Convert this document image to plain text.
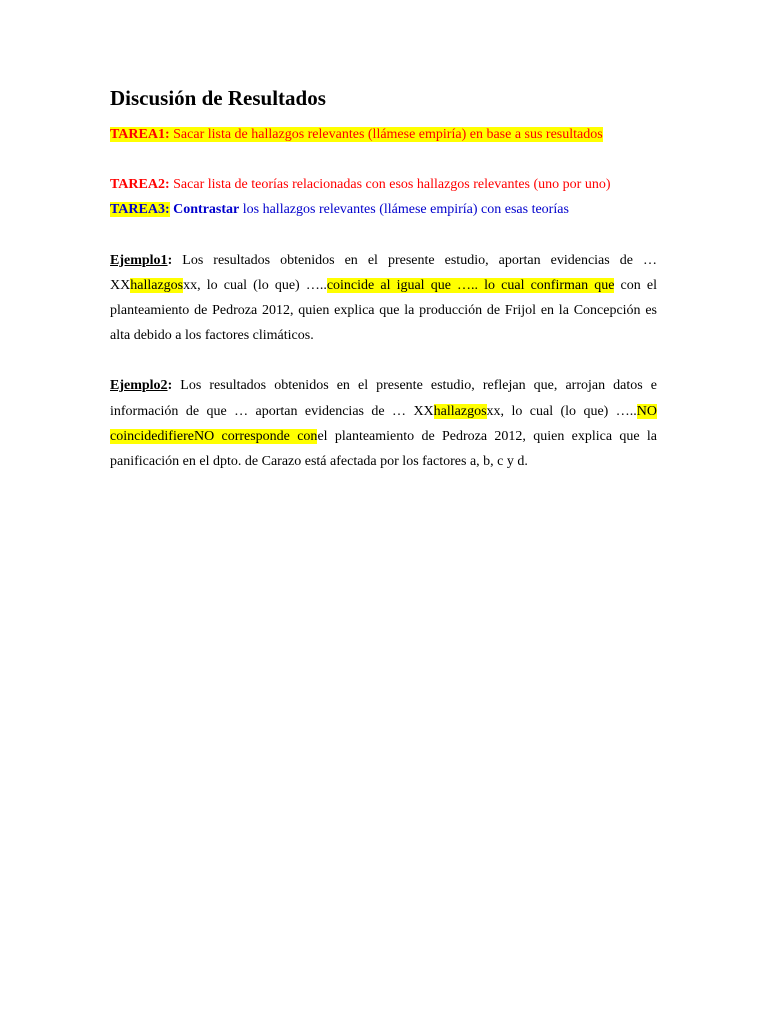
Discusión de Resultados

TAREA1: Sacar lista de hallazgos relevantes (llámese empiría) en base a sus resultados

TAREA2: Sacar lista de teorías relacionadas con esos hallazgos relevantes (uno por uno)

TAREA3: Contrastar los hallazgos relevantes (llámese empiría) con esas teorías

Ejemplo1: Los resultados obtenidos en el presente estudio, aportan evidencias de … XXhallazgosxx, lo cual (lo que) …..coincide al igual que ….. lo cual confirman que con el planteamiento de Pedroza 2012, quien explica que la producción de Frijol en la Concepción es alta debido a los factores climáticos.

Ejemplo2: Los resultados obtenidos en el presente estudio, reflejan que, arrojan datos e información de que … aportan evidencias de … XXhallazgosxx, lo cual (lo que) …..NO coincidedifiereNO corresponde conel planteamiento de Pedroza 2012, quien explica que la panificación en el dpto. de Carazo está afectada por los factores a, b, c y d.
